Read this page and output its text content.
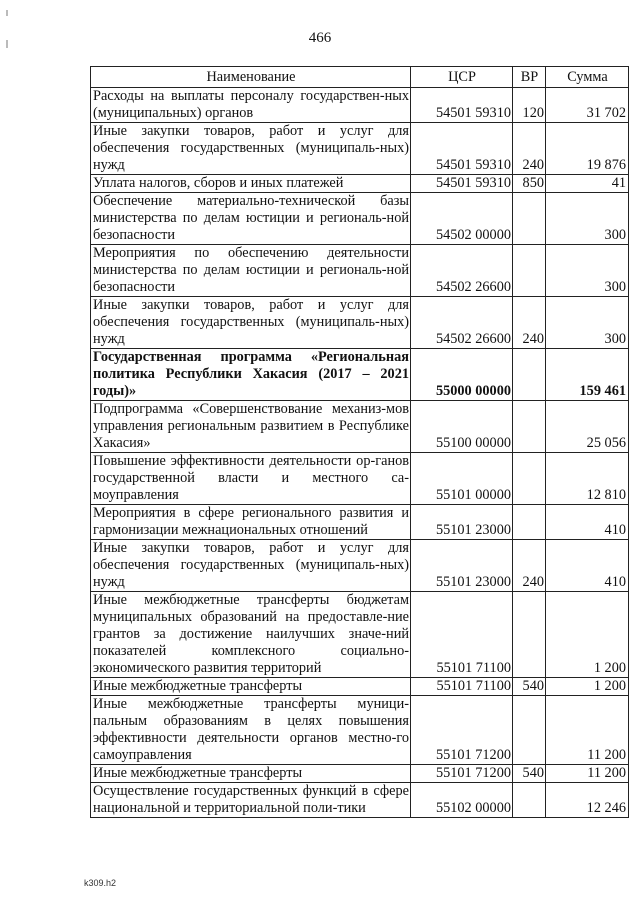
466
Наименование	ЦСР	ВР	Сумма
Расходы на выплаты персоналу государствен-ных (муниципальных) органов	54501 59310	120	31 702
Иные закупки товаров, работ и услуг для обеспечения государственных (муниципаль-ных) нужд	54501 59310	240	19 876
Уплата налогов, сборов и иных платежей	54501 59310	850	41
Обеспечение материально-технической базы министерства по делам юстиции и региональ-ной безопасности	54502 00000		300
Мероприятия по обеспечению деятельности министерства по делам юстиции и региональ-ной безопасности	54502 26600		300
Иные закупки товаров, работ и услуг для обеспечения государственных (муниципаль-ных) нужд	54502 26600	240	300
Государственная программа «Региональная политика Республики Хакасия (2017 – 2021 годы)»	55000 00000		159 461
Подпрограмма «Совершенствование механиз-мов управления региональным развитием в Республике Хакасия»	55100 00000		25 056
Повышение эффективности деятельности ор-ганов государственной власти и местного са-моуправления	55101 00000		12 810
Мероприятия в сфере регионального развития и гармонизации межнациональных отношений	55101 23000		410
Иные закупки товаров, работ и услуг для обеспечения государственных (муниципаль-ных) нужд	55101 23000	240	410
Иные межбюджетные трансферты бюджетам муниципальных образований на предоставле-ние грантов за достижение наилучших значе-ний показателей комплексного социально-экономического развития территорий	55101 71100		1 200
Иные межбюджетные трансферты	55101 71100	540	1 200
Иные межбюджетные трансферты муници-пальным образованиям в целях повышения эффективности деятельности органов местно-го самоуправления	55101 71200		11 200
Иные межбюджетные трансферты	55101 71200	540	11 200
Осуществление государственных функций в сфере национальной и территориальной поли-тики	55102 00000		12 246
k309.h2
